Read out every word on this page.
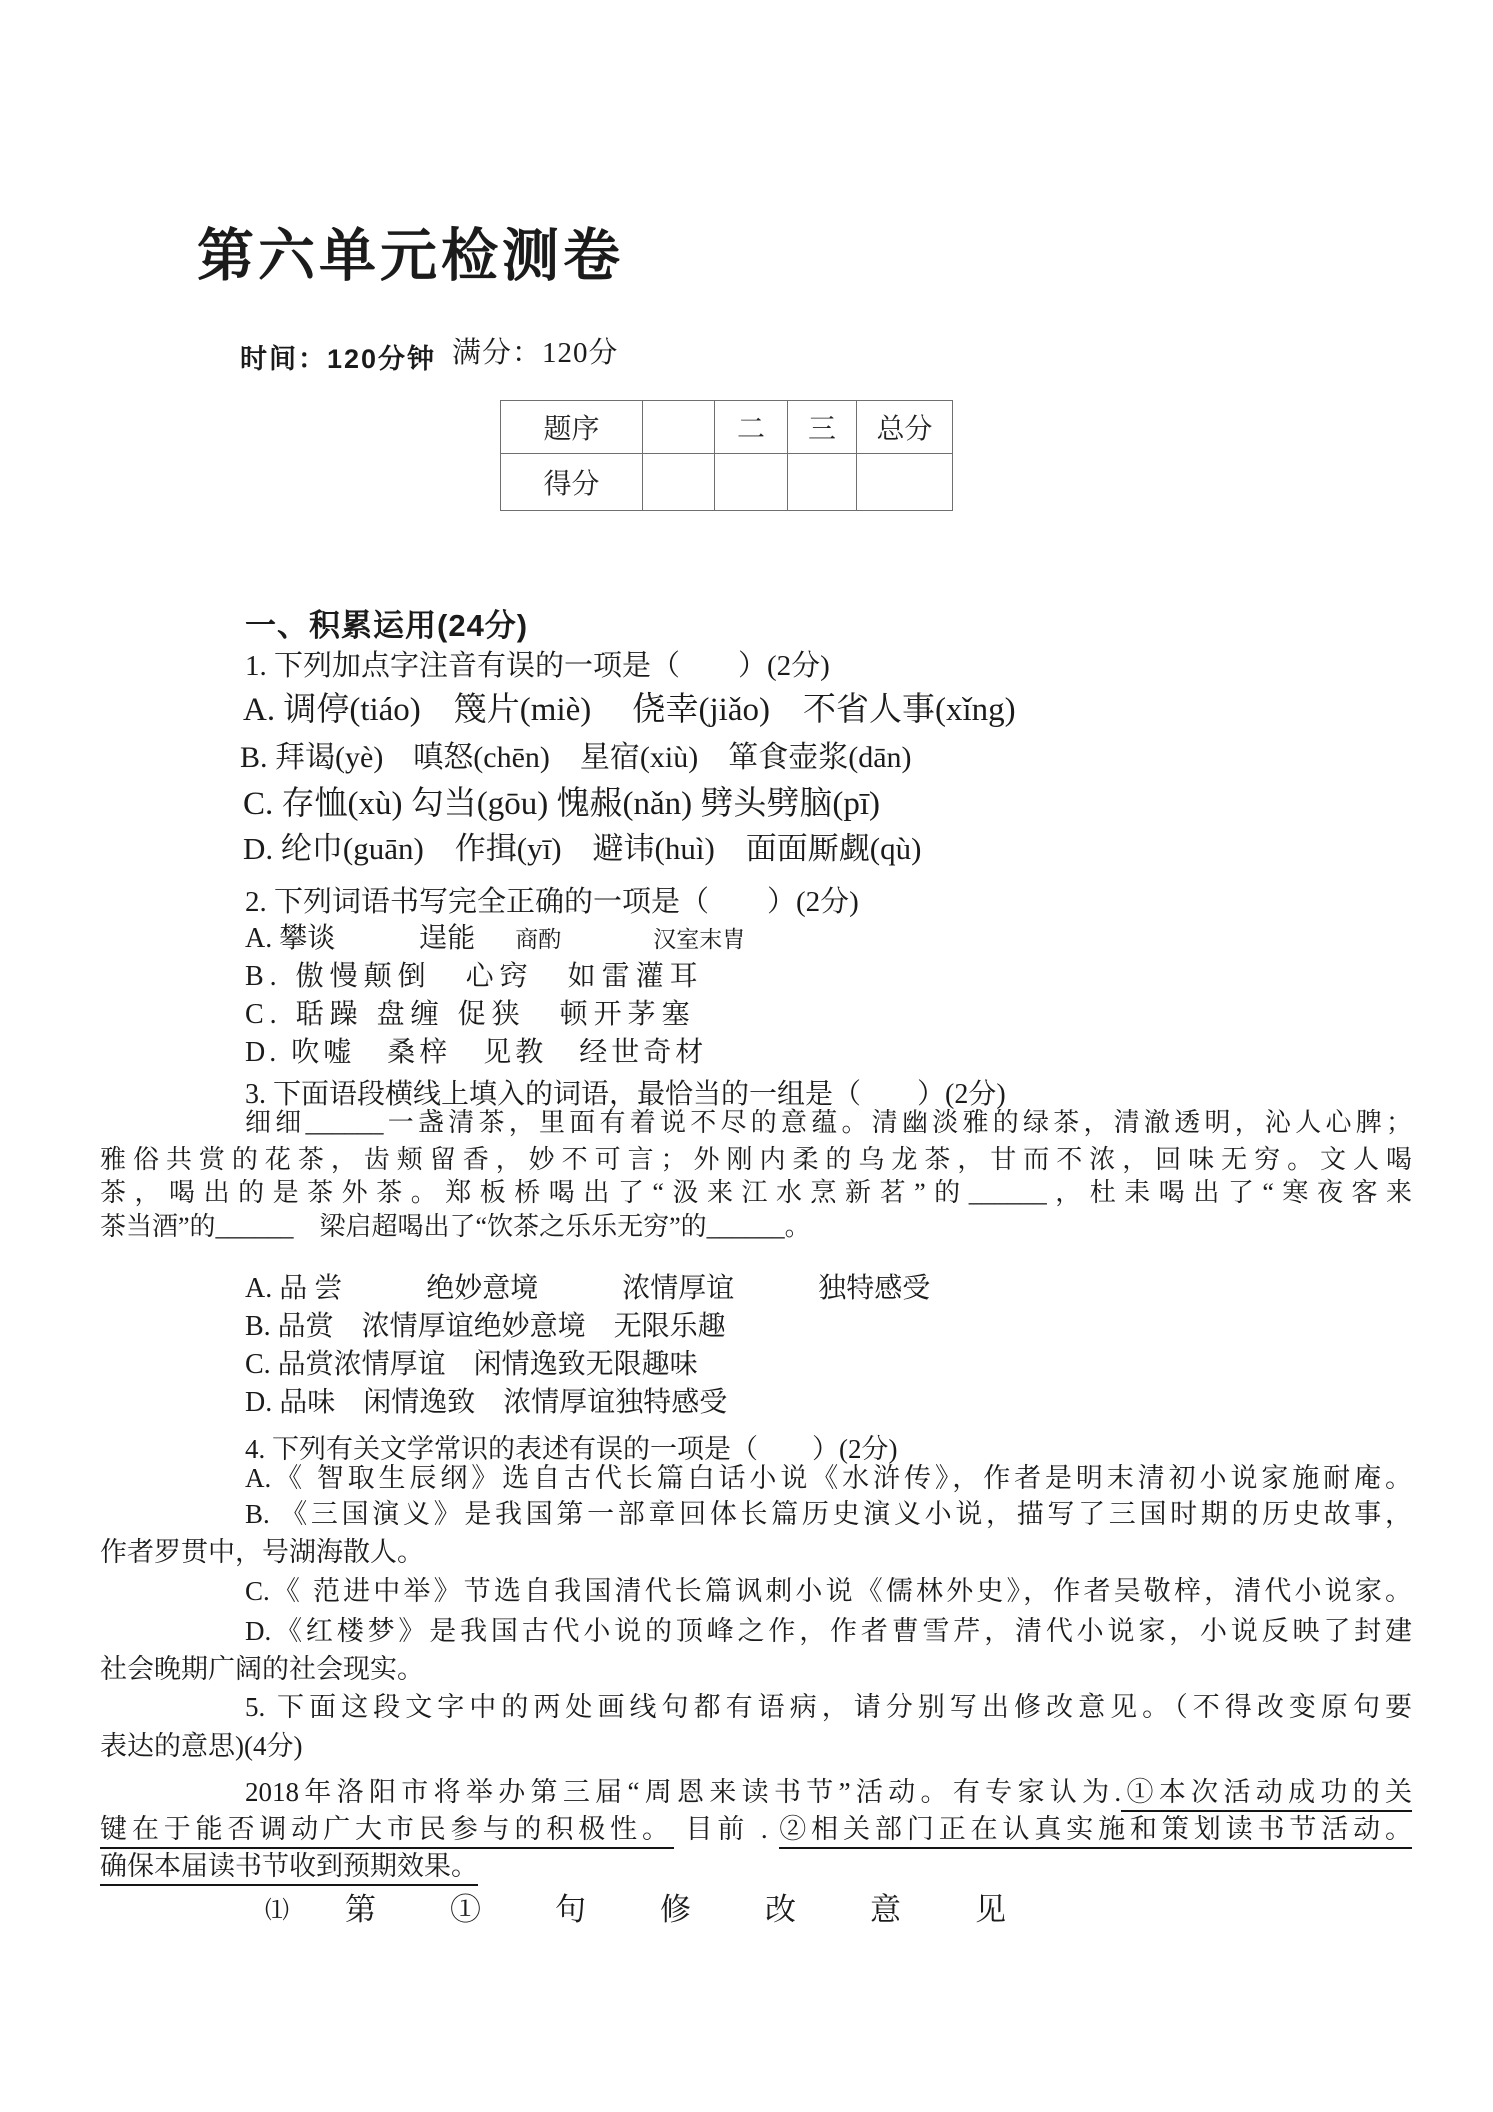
第六单元检测卷
时间：120分钟 满分：120分
题序		二	三	总分
得分				
一、积累运用(24分)
1. 下列加点字注音有误的一项是（　　）(2分)
A. 调停(tiáo)　篾片(miè)　 侥幸(jiǎo)　不省人事(xǐng)
B. 拜谒(yè)　嗔怒(chēn)　星宿(xiù)　箪食壶浆(dān)
C. 存恤(xù) 勾当(gōu) 愧赧(nǎn) 劈头劈脑(pī)
D. 纶巾(guān)　作揖(yī)　避讳(huì)　面面厮觑(qù)
2. 下列词语书写完全正确的一项是（　　）(2分)
A. 攀谈　　　逞能 商酌　　　　汉室末胄
B. 傲慢颠倒　心窍　如雷灌耳
C. 聒躁 盘缠 促狭　顿开茅塞
D. 吹嘘　桑梓　见教　经世奇材
3. 下面语段横线上填入的词语，最恰当的一组是（　　）(2分)
细细______一盏清茶，里面有着说不尽的意蕴。清幽淡雅的绿茶，清澈透明，沁人心脾；
雅俗共赏的花茶，齿颊留香，妙不可言；外刚内柔的乌龙茶，甘而不浓，回味无穷。文人喝
茶，喝出的是茶外茶。郑板桥喝出了“汲来江水烹新茗”的______，杜耒喝出了“寒夜客来
茶当酒”的______　梁启超喝出了“饮茶之乐乐无穷”的______。
A. 品 尝　　　绝妙意境　　　浓情厚谊　　　独特感受
B. 品赏　浓情厚谊绝妙意境　无限乐趣
C. 品赏浓情厚谊　闲情逸致无限趣味
D. 品味　闲情逸致　浓情厚谊独特感受
4. 下列有关文学常识的表述有误的一项是（　　）(2分)
A.《 智取生辰纲》选自古代长篇白话小说《水浒传》，作者是明末清初小说家施耐庵。
B. 《三国演义》是我国第一部章回体长篇历史演义小说，描写了三国时期的历史故事，
作者罗贯中，号湖海散人。
C.《 范进中举》节选自我国清代长篇讽刺小说《儒林外史》，作者吴敬梓，清代小说家。
D.《红楼梦》是我国古代小说的顶峰之作，作者曹雪芹，清代小说家，小说反映了封建
社会晚期广阔的社会现实。
5. 下面这段文字中的两处画线句都有语病，请分别写出修改意见。（不得改变原句要
表达的意思)(4分)
2018年洛阳市将举办第三届“周恩来读书节”活动。有专家认为.①本次活动成功的关
键在于能否调动广大市民参与的积极性。 目前 . ②相关部门正在认真实施和策划读书节活动。
确保本届读书节收到预期效果。
⑴ 第①句修改意见
